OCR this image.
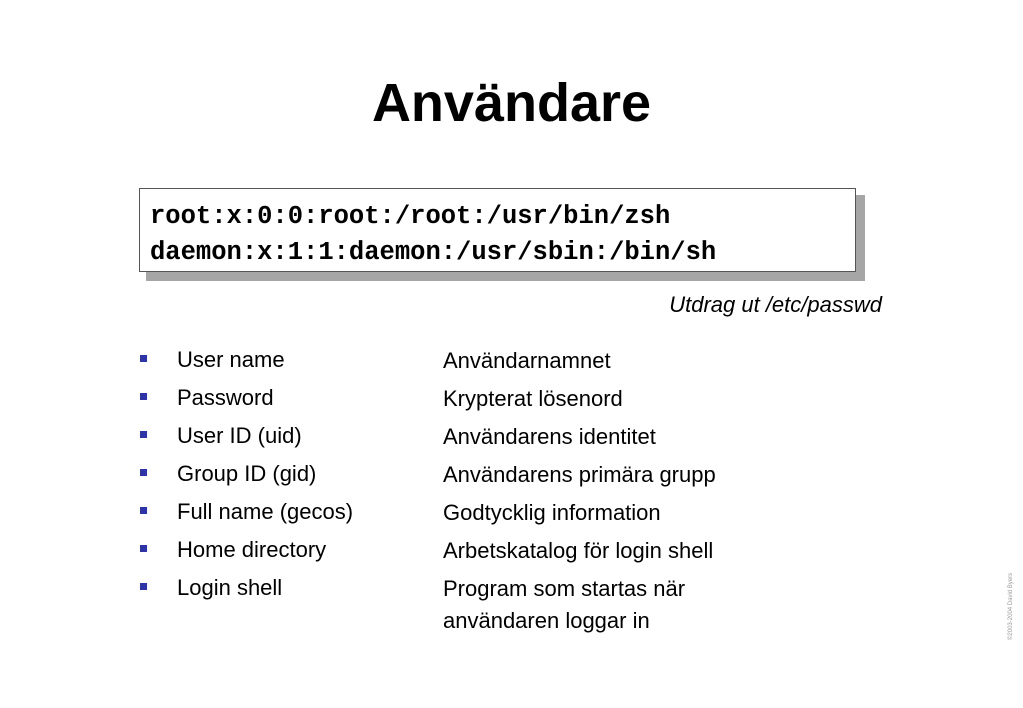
Användare
root:x:0:0:root:/root:/usr/bin/zsh
daemon:x:1:1:daemon:/usr/sbin:/bin/sh
Utdrag ut /etc/passwd
User name	Användarnamnet
Password	Krypterat lösenord
User ID (uid)	Användarens identitet
Group ID (gid)	Användarens primära grupp
Full name (gecos)	Godtycklig information
Home directory	Arbetskatalog för login shell
Login shell	Program som startas när
användaren loggar in	©2003-2004 David Byers
